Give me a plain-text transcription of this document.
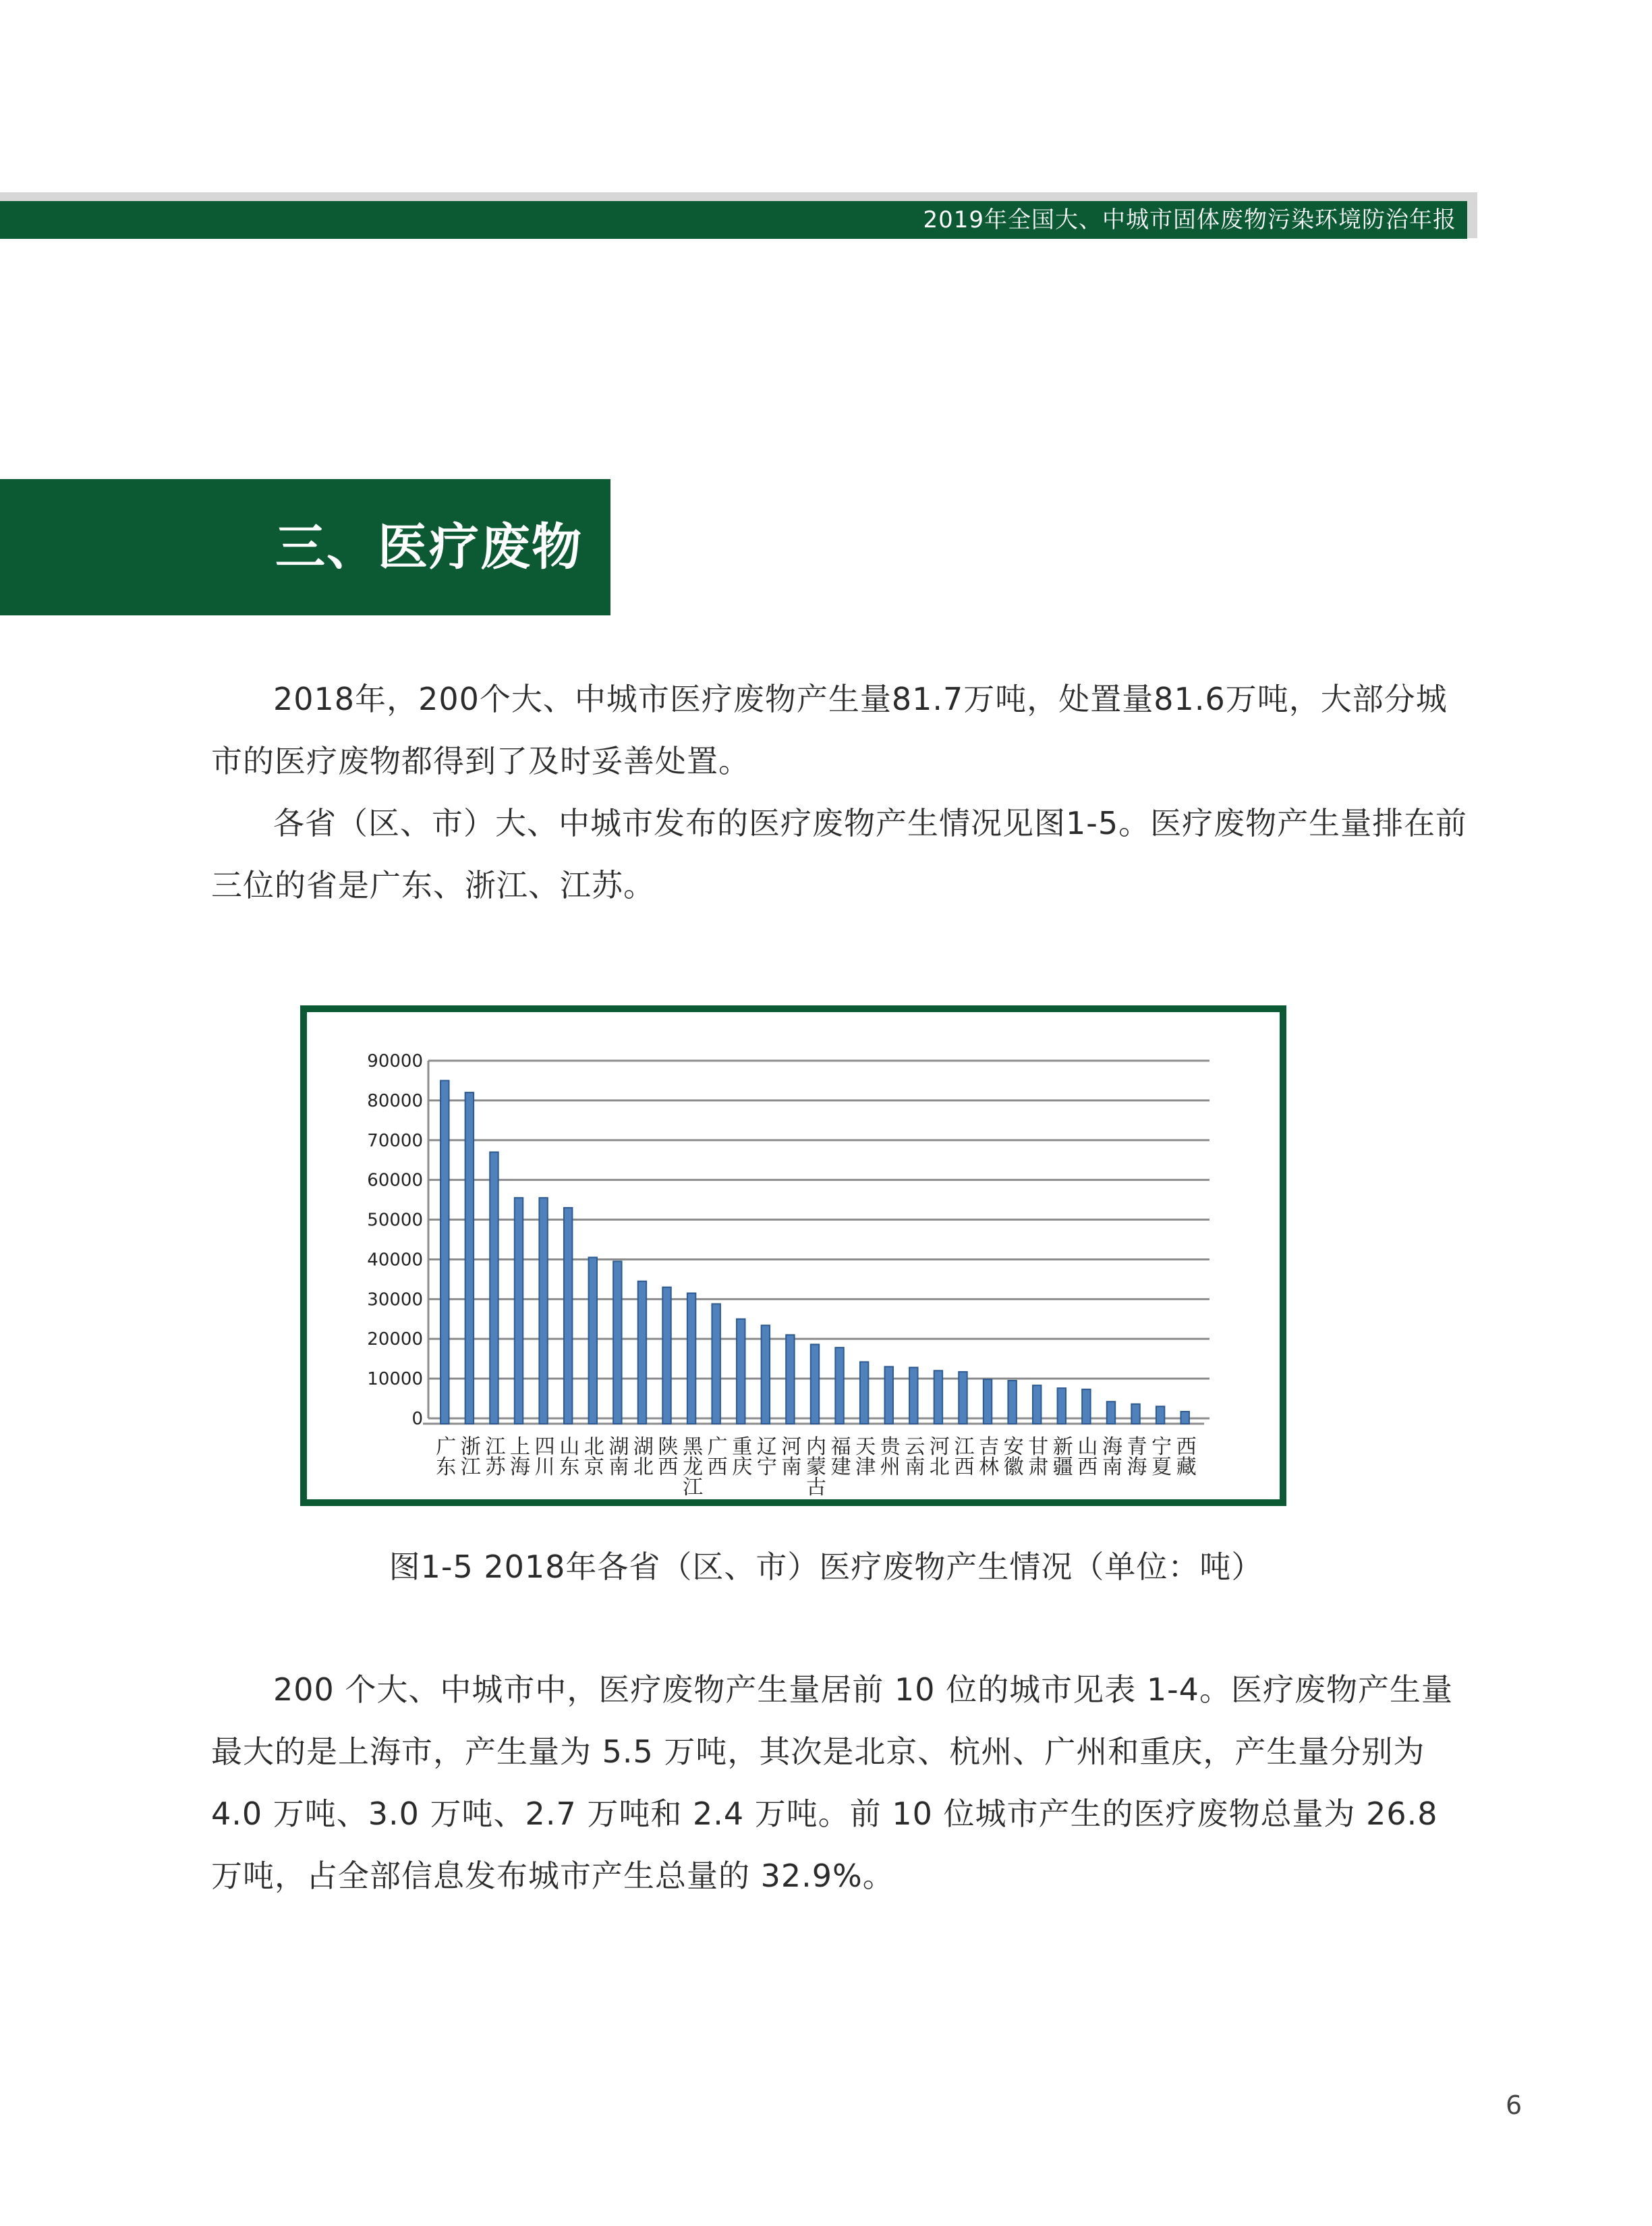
2019年全国大、中城市固体废物污染环境防治年报
三、医疗废物

2018年，200个大、中城市医疗废物产生量81.7万吨，处置量81.6万吨，大部分城市的医疗废物都得到了及时妥善处置。

各省（区、市）大、中城市发布的医疗废物产生情况见图1-5。医疗废物产生量排在前三位的省是广东、浙江、江苏。

0
10000
20000
30000
40000
50000
60000
70000
80000
90000
广东
浙江
江苏
上海
四川
山东
北京
湖南
湖北
陕西
黑龙江
广西
重庆
辽宁
河南
内蒙古
福建
天津
贵州
云南
河北
江西
吉林
安徽
甘肃
新疆
山西
海南
青海
宁夏
西藏
图1-5 2018年各省（区、市）医疗废物产生情况（单位：吨）

200 个大、中城市中，医疗废物产生量居前 10 位的城市见表 1-4。医疗废物产生量最大的是上海市，产生量为 5.5 万吨，其次是北京、杭州、广州和重庆，产生量分别为 4.0 万吨、3.0 万吨、2.7 万吨和 2.4 万吨。前 10 位城市产生的医疗废物总量为 26.8 万吨，占全部信息发布城市产生总量的 32.9%。

6
